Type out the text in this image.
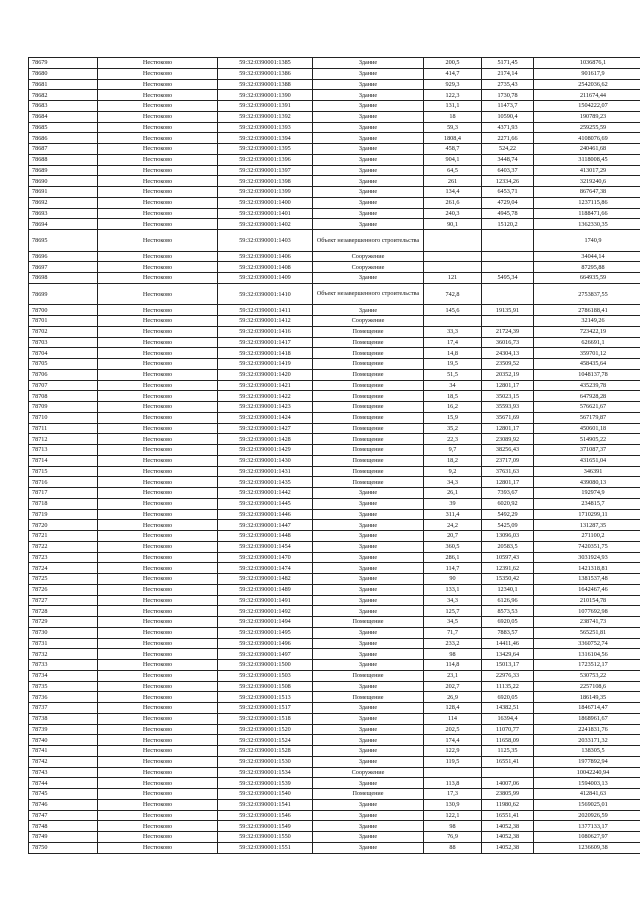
78679	Нестюково	59:32:0390001:1385	Здание	200,5	5171,45	1036876,1
78680	Нестюково	59:32:0390001:1386	Здание	414,7	2174,14	901617,9
78681	Нестюково	59:32:0390001:1388	Здание	929,3	2735,43	2542036,62
78682	Нестюково	59:32:0390001:1390	Здание	122,3	1730,78	211674,44
78683	Нестюково	59:32:0390001:1391	Здание	131,1	11473,7	1504222,07
78684	Нестюково	59:32:0390001:1392	Здание	18	10590,4	190789,23
78685	Нестюково	59:32:0390001:1393	Здание	59,3	4371,93	259255,59
78686	Нестюково	59:32:0390001:1394	Здание	1808,4	2271,66	4108076,69
78687	Нестюково	59:32:0390001:1395	Здание	458,7	524,22	240461,68
78688	Нестюково	59:32:0390001:1396	Здание	904,1	3448,74	3118008,45
78689	Нестюково	59:32:0390001:1397	Здание	64,5	6403,37	413017,29
78690	Нестюково	59:32:0390001:1398	Здание	261	12334,26	3219240,6
78691	Нестюково	59:32:0390001:1399	Здание	134,4	6453,71	867647,38
78692	Нестюково	59:32:0390001:1400	Здание	261,6	4729,04	1237115,86
78693	Нестюково	59:32:0390001:1401	Здание	240,3	4945,78	1188471,66
78694	Нестюково	59:32:0390001:1402	Здание	90,1	15120,2	1362330,35
78695	Нестюково	59:32:0390001:1403	Объект незавершенного строительства			1740,9
78696	Нестюково	59:32:0390001:1406	Сооружение			34044,14
78697	Нестюково	59:32:0390001:1408	Сооружение			87295,88
78698	Нестюково	59:32:0390001:1409	Здание	121	5495,34	664935,59
78699	Нестюково	59:32:0390001:1410	Объект незавершенного строительства	742,8		2753837,55
78700	Нестюково	59:32:0390001:1411	Здание	145,6	19135,91	2786188,41
78701	Нестюково	59:32:0390001:1412	Сооружение			32149,26
78702	Нестюково	59:32:0390001:1416	Помещение	33,3	21724,39	723422,19
78703	Нестюково	59:32:0390001:1417	Помещение	17,4	36016,73	626691,1
78704	Нестюково	59:32:0390001:1418	Помещение	14,8	24304,13	359701,12
78705	Нестюково	59:32:0390001:1419	Помещение	19,5	23509,52	458435,64
78706	Нестюково	59:32:0390001:1420	Помещение	51,5	20352,19	1048137,78
78707	Нестюково	59:32:0390001:1421	Помещение	34	12801,17	435239,78
78708	Нестюково	59:32:0390001:1422	Помещение	18,5	35023,15	647928,28
78709	Нестюково	59:32:0390001:1423	Помещение	16,2	35593,93	576621,67
78710	Нестюково	59:32:0390001:1424	Помещение	15,9	35671,69	567179,87
78711	Нестюково	59:32:0390001:1427	Помещение	35,2	12801,17	450601,18
78712	Нестюково	59:32:0390001:1428	Помещение	22,3	23089,92	514905,22
78713	Нестюково	59:32:0390001:1429	Помещение	9,7	38256,43	371087,37
78714	Нестюково	59:32:0390001:1430	Помещение	18,2	23717,09	431651,04
78715	Нестюково	59:32:0390001:1431	Помещение	9,2	37631,63	346391
78716	Нестюково	59:32:0390001:1435	Помещение	34,3	12801,17	439080,13
78717	Нестюково	59:32:0390001:1442	Здание	26,1	7393,67	192974,9
78718	Нестюково	59:32:0390001:1445	Здание	39	6020,92	234815,7
78719	Нестюково	59:32:0390001:1446	Здание	311,4	5492,29	1710299,11
78720	Нестюково	59:32:0390001:1447	Здание	24,2	5425,09	131287,35
78721	Нестюково	59:32:0390001:1448	Здание	20,7	13096,03	271100,2
78722	Нестюково	59:32:0390001:1454	Здание	360,5	20583,5	7420351,75
78723	Нестюково	59:32:0390001:1470	Здание	286,1	10597,43	3031924,93
78724	Нестюково	59:32:0390001:1474	Здание	114,7	12391,62	1421318,81
78725	Нестюково	59:32:0390001:1482	Здание	90	15350,42	1381537,48
78726	Нестюково	59:32:0390001:1489	Здание	133,1	12340,1	1642467,46
78727	Нестюково	59:32:0390001:1491	Здание	34,3	6126,96	210154,78
78728	Нестюково	59:32:0390001:1492	Здание	125,7	8573,53	1077692,98
78729	Нестюково	59:32:0390001:1494	Помещение	34,5	6920,05	238741,73
78730	Нестюково	59:32:0390001:1495	Здание	71,7	7883,57	565251,81
78731	Нестюково	59:32:0390001:1496	Здание	233,2	14411,46	3360752,74
78732	Нестюково	59:32:0390001:1497	Здание	98	13429,64	1316104,56
78733	Нестюково	59:32:0390001:1500	Здание	114,8	15013,17	1723512,17
78734	Нестюково	59:32:0390001:1503	Помещение	23,1	22976,33	530753,22
78735	Нестюково	59:32:0390001:1508	Здание	202,7	11135,22	2257108,6
78736	Нестюково	59:32:0390001:1513	Помещение	26,9	6920,05	186149,35
78737	Нестюково	59:32:0390001:1517	Здание	128,4	14382,51	1846714,47
78738	Нестюково	59:32:0390001:1518	Здание	114	16394,4	1868961,67
78739	Нестюково	59:32:0390001:1520	Здание	202,5	11070,77	2241831,76
78740	Нестюково	59:32:0390001:1524	Здание	174,4	11658,09	2033171,32
78741	Нестюково	59:32:0390001:1528	Здание	122,9	1125,35	138305,5
78742	Нестюково	59:32:0390001:1530	Здание	119,5	16551,41	1977892,94
78743	Нестюково	59:32:0390001:1534	Сооружение			10042240,94
78744	Нестюково	59:32:0390001:1539	Здание	113,8	14007,06	1594003,13
78745	Нестюково	59:32:0390001:1540	Помещение	17,3	23805,99	412841,63
78746	Нестюково	59:32:0390001:1541	Здание	130,9	11980,62	1569025,01
78747	Нестюково	59:32:0390001:1546	Здание	122,1	16551,41	2020926,59
78748	Нестюково	59:32:0390001:1549	Здание	98	14052,38	1377133,17
78749	Нестюково	59:32:0390001:1550	Здание	76,9	14052,38	1080627,97
78750	Нестюково	59:32:0390001:1551	Здание	88	14052,38	1236609,38
